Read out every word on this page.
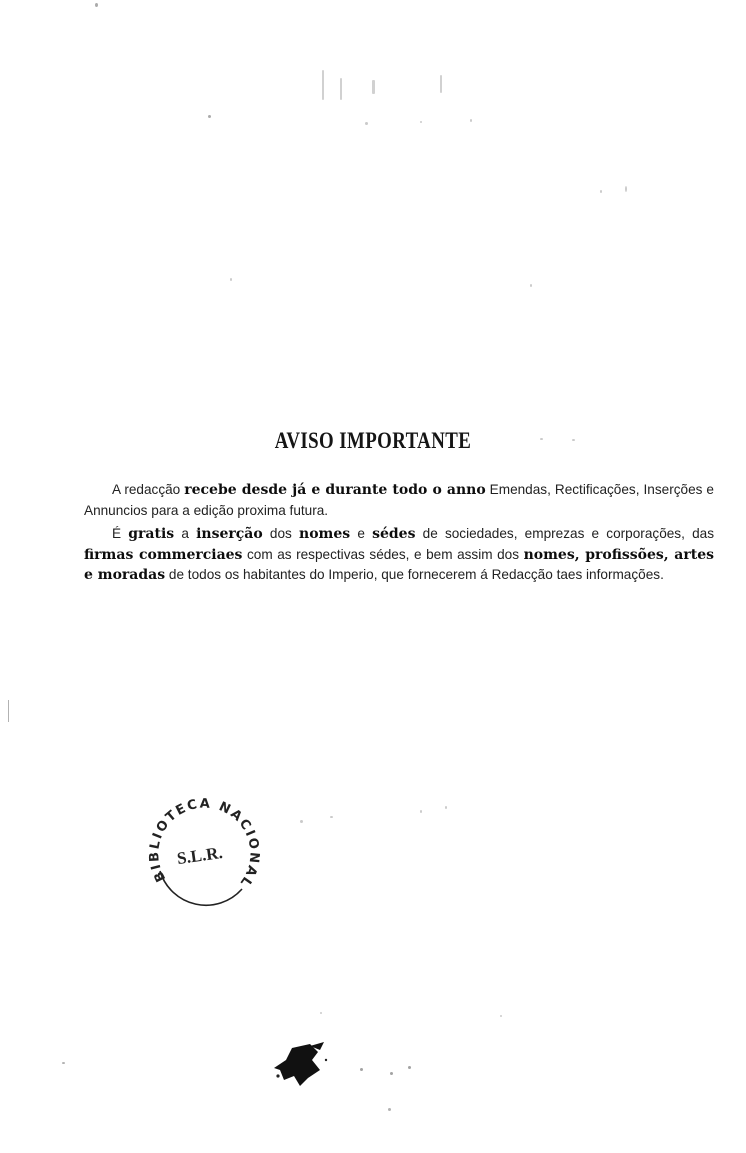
AVISO IMPORTANTE

A redacção recebe desde já e durante todo o anno Emendas, Rectificações, Inserções e Annuncios para a edição proxima futura.

É gratis a inserção dos nomes e sédes de sociedades, emprezas e corporações, das firmas commerciaes com as respectivas sédes, e bem assim dos nomes, profissões, artes e moradas de todos os habitantes do Imperio, que fornecerem á Redacção taes informações.

BIBLIOTECA NACIONAL
S.L.R.
